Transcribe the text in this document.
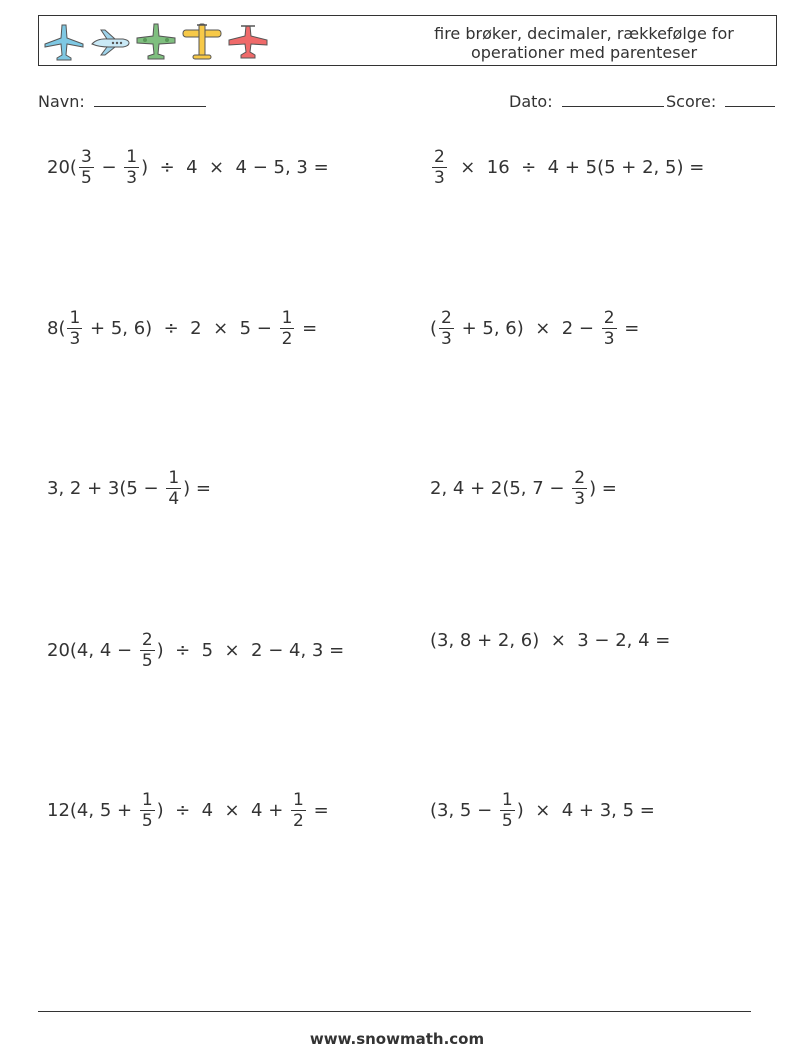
fire brøker, decimaler, rækkefølge for
operationer med parenteser
Navn:	Dato:	Score:
$20( \frac{3}{5} - \frac{1}{3}$ )  ÷  4  ×  4 − 5, 3 =	$\frac{2}{3} \times 16 \div 4 + 5(5 + 2$, 5) =
$8( \frac{1}{3} + 5$, $6) \div 2 \times 5 - \frac{1}{2}$ =	( $\frac{2}{3} + 5$, $6) \times 2 - \frac{2}{3}$ =
3, $2 + 3(5 - \frac{1}{4}$ ) =	2, 4 + 2(5, $7 - \frac{2}{3}$ ) =
20(4, $4 - \frac{2}{5}$ )  ÷  5  ×  2 − 4, 3 =	(3, 8 + 2, 6)  ×  3 − 2, 4 =
12(4, $5 + \frac{1}{5}$ )  ÷  $4 \times 4 + \frac{1}{2}$ =	(3, $5 - \frac{1}{5}$ )  ×  4 + 3, 5 =
www.snowmath.com
